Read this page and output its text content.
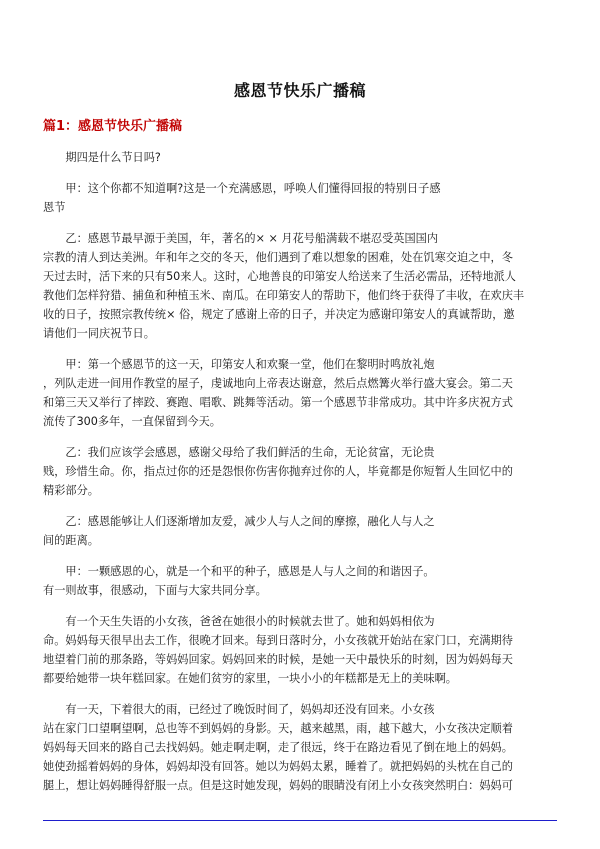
感恩节快乐广播稿
篇1：感恩节快乐广播稿
　　期四是什么节日吗?
　　甲：这个你都不知道啊?这是一个充满感恩，呼唤人们懂得回报的特别日子感
恩节
　　乙：感恩节最早源于美国，年，著名的× × 月花号船满载不堪忍受英国国内
宗教的清人到达美洲。年和年之交的冬天，他们遇到了难以想象的困难，处在饥寒交迫之中，冬
天过去时，活下来的只有50来人。这时，心地善良的印第安人给送来了生活必需品，还特地派人
教他们怎样狩猎、捕鱼和种植玉米、南瓜。在印第安人的帮助下，他们终于获得了丰收，在欢庆丰
收的日子，按照宗教传统× 俗，规定了感谢上帝的日子，并决定为感谢印第安人的真诚帮助，邀
请他们一同庆祝节日。
　　甲：第一个感恩节的这一天，印第安人和欢聚一堂，他们在黎明时鸣放礼炮
，列队走进一间用作教堂的屋子，虔诚地向上帝表达谢意，然后点燃篝火举行盛大宴会。第二天
和第三天又举行了摔跤、赛跑、唱歌、跳舞等活动。第一个感恩节非常成功。其中许多庆祝方式
流传了300多年，一直保留到今天。
　　乙：我们应该学会感恩，感谢父母给了我们鲜活的生命，无论贫富，无论贵
贱，珍惜生命。你，指点过你的还是怨恨你伤害你抛弃过你的人，毕竟都是你短暂人生回忆中的
精彩部分。
　　乙：感恩能够让人们逐渐增加友爱，减少人与人之间的摩擦，融化人与人之
间的距离。
　　甲：一颗感恩的心，就是一个和平的种子，感恩是人与人之间的和谐因子。
有一则故事，很感动，下面与大家共同分享。
　　有一个天生失语的小女孩，爸爸在她很小的时候就去世了。她和妈妈相依为
命。妈妈每天很早出去工作，很晚才回来。每到日落时分，小女孩就开始站在家门口，充满期待
地望着门前的那条路，等妈妈回家。妈妈回来的时候，是她一天中最快乐的时刻，因为妈妈每天
都要给她带一块年糕回家。在她们贫穷的家里，一块小小的年糕都是无上的美味啊。
　　有一天，下着很大的雨，已经过了晚饭时间了，妈妈却还没有回来。小女孩
站在家门口望啊望啊，总也等不到妈妈的身影。天，越来越黑，雨，越下越大，小女孩决定顺着
妈妈每天回来的路自己去找妈妈。她走啊走啊，走了很远，终于在路边看见了倒在地上的妈妈。
她使劲摇着妈妈的身体，妈妈却没有回答。她以为妈妈太累，睡着了。就把妈妈的头枕在自己的
腿上，想让妈妈睡得舒服一点。但是这时她发现，妈妈的眼睛没有闭上小女孩突然明白：妈妈可
